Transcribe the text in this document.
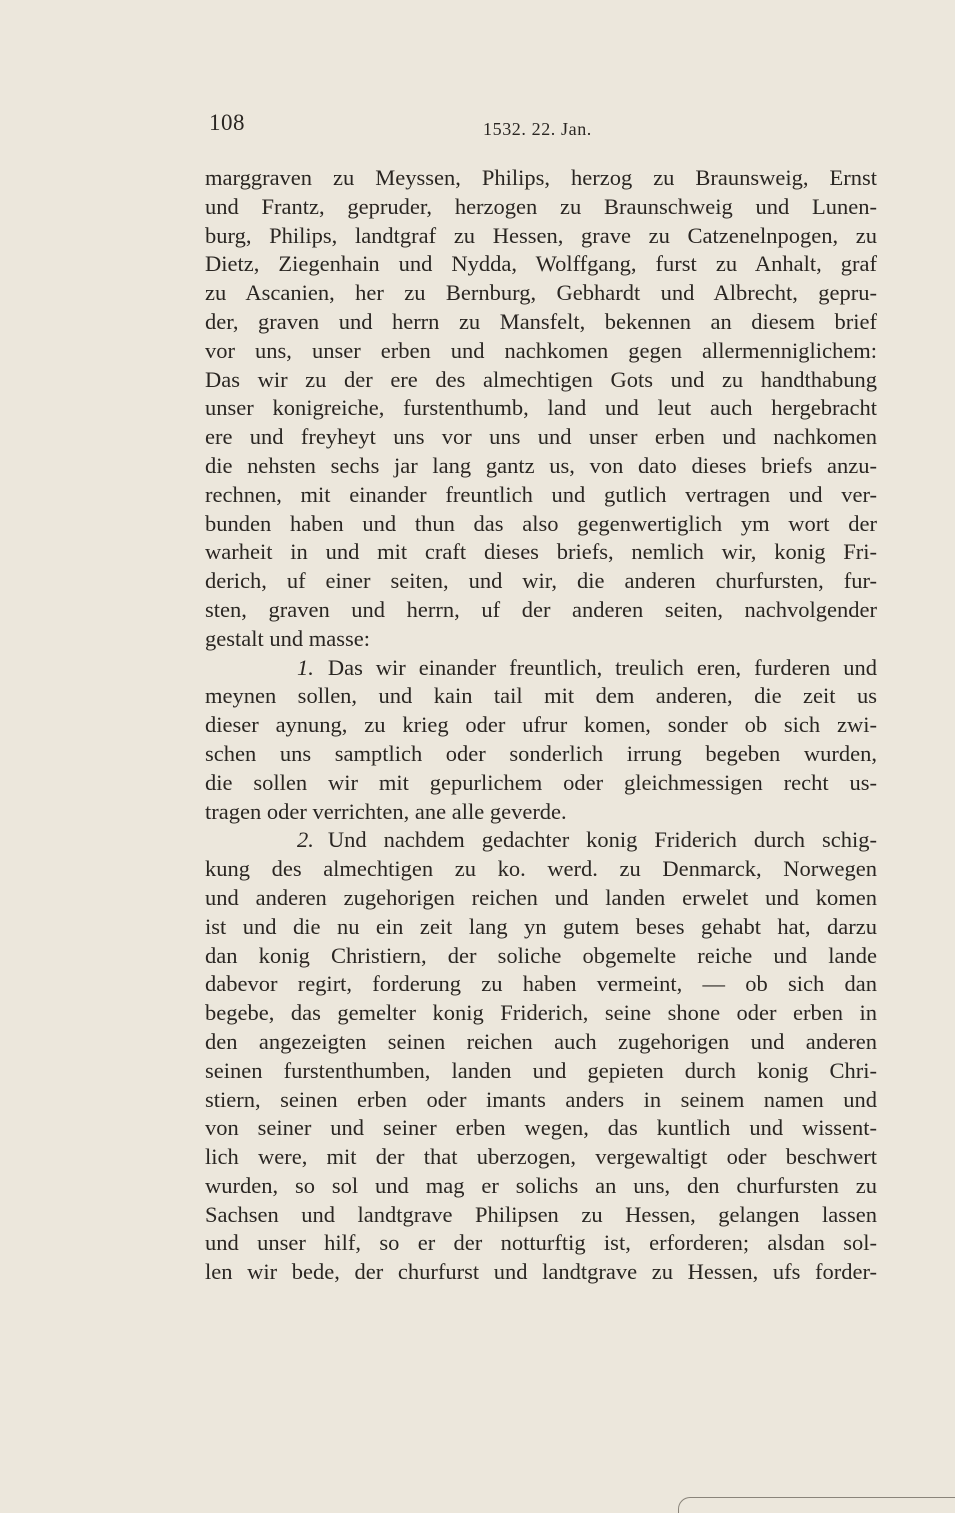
108	1532. 22. Jan.
marggraven zu Meyssen, Philips, herzog zu Braunsweig, Ernst
und Frantz, gepruder, herzogen zu Braunschweig und Lunen-
burg, Philips, landtgraf zu Hessen, grave zu Catzenelnpogen, zu
Dietz, Ziegenhain und Nydda, Wolffgang, furst zu Anhalt, graf
zu Ascanien, her zu Bernburg, Gebhardt und Albrecht, gepru-
der, graven und herrn zu Mansfelt, bekennen an diesem brief
vor uns, unser erben und nachkomen gegen allermenniglichem:
Das wir zu der ere des almechtigen Gots und zu handthabung
unser konigreiche, furstenthumb, land und leut auch hergebracht
ere und freyheyt uns vor uns und unser erben und nachkomen
die nehsten sechs jar lang gantz us, von dato dieses briefs anzu-
rechnen, mit einander freuntlich und gutlich vertragen und ver-
bunden haben und thun das also gegenwertiglich ym wort der
warheit in und mit craft dieses briefs, nemlich wir, konig Fri-
derich, uf einer seiten, und wir, die anderen churfursten, fur-
sten, graven und herrn, uf der anderen seiten, nachvolgender
gestalt und masse:
1. Das wir einander freuntlich, treulich eren, furderen und
meynen sollen, und kain tail mit dem anderen, die zeit us
dieser aynung, zu krieg oder ufrur komen, sonder ob sich zwi-
schen uns samptlich oder sonderlich irrung begeben wurden,
die sollen wir mit gepurlichem oder gleichmessigen recht us-
tragen oder verrichten, ane alle geverde.
2. Und nachdem gedachter konig Friderich durch schig-
kung des almechtigen zu ko. werd. zu Denmarck, Norwegen
und anderen zugehorigen reichen und landen erwelet und komen
ist und die nu ein zeit lang yn gutem beses gehabt hat, darzu
dan konig Christiern, der soliche obgemelte reiche und lande
dabevor regirt, forderung zu haben vermeint, — ob sich dan
begebe, das gemelter konig Friderich, seine shone oder erben in
den angezeigten seinen reichen auch zugehorigen und anderen
seinen furstenthumben, landen und gepieten durch konig Chri-
stiern, seinen erben oder imants anders in seinem namen und
von seiner und seiner erben wegen, das kuntlich und wissent-
lich were, mit der that uberzogen, vergewaltigt oder beschwert
wurden, so sol und mag er solichs an uns, den churfursten zu
Sachsen und landtgrave Philipsen zu Hessen, gelangen lassen
und unser hilf, so er der notturftig ist, erforderen; alsdan sol-
len wir bede, der churfurst und landtgrave zu Hessen, ufs forder-
